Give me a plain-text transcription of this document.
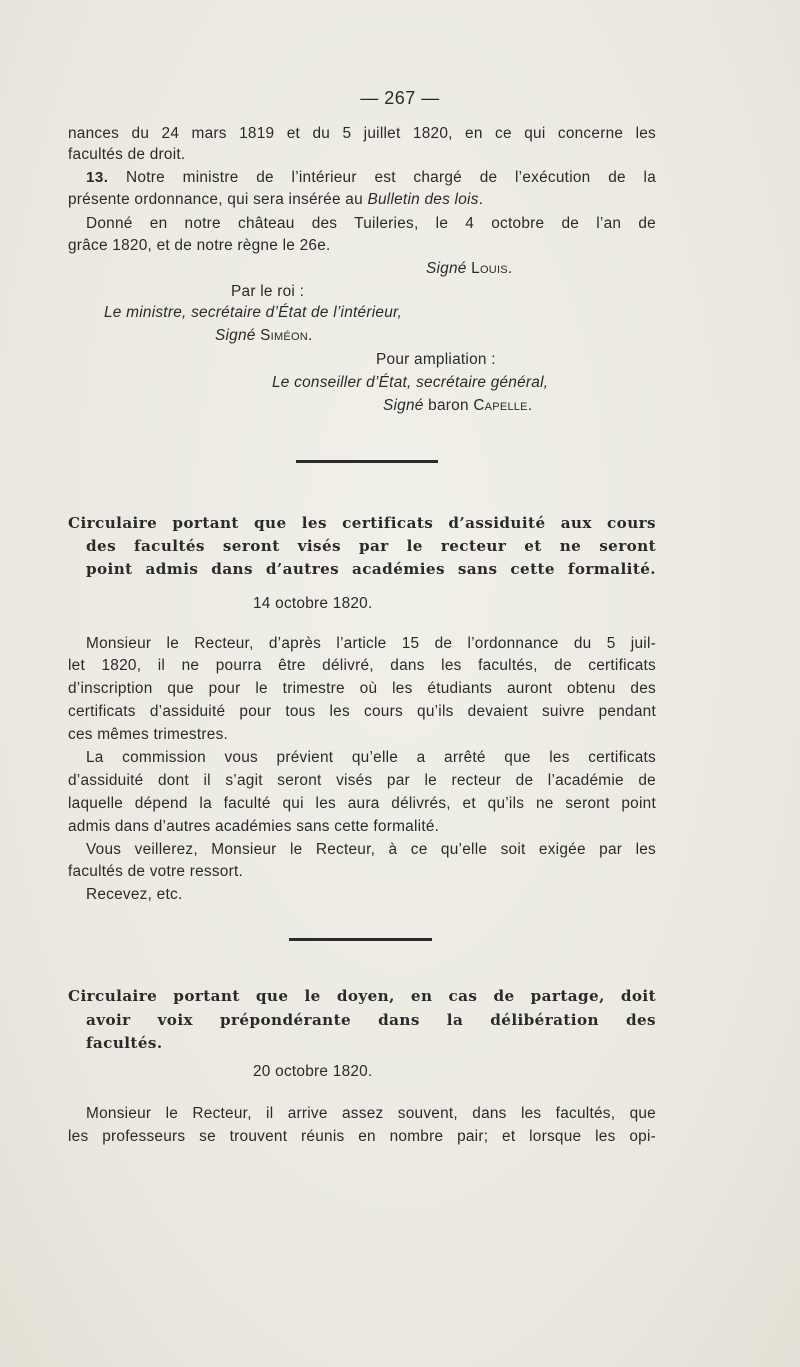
— 267 —
nances du 24 mars 1819 et du 5 juillet 1820, en ce qui concerne les
facultés de droit.
13. Notre ministre de l’intérieur est chargé de l’exécution de la
présente ordonnance, qui sera insérée au Bulletin des lois.
Donné en notre château des Tuileries, le 4 octobre de l’an de
grâce 1820, et de notre règne le 26e.
Signé Louis.
Par le roi :
Le ministre, secrétaire d’État de l’intérieur,
Signé Siméon.
Pour ampliation :
Le conseiller d’État, secrétaire général,
Signé baron Capelle.
Circulaire portant que les certificats d’assiduité aux cours
des facultés seront visés par le recteur et ne seront
point admis dans d’autres académies sans cette formalité.
14 octobre 1820.
Monsieur le Recteur, d’après l’article 15 de l’ordonnance du 5 juil-
let 1820, il ne pourra être délivré, dans les facultés, de certificats
d’inscription que pour le trimestre où les étudiants auront obtenu des
certificats d’assiduité pour tous les cours qu’ils devaient suivre pendant
ces mêmes trimestres.
La commission vous prévient qu’elle a arrêté que les certificats
d’assiduité dont il s’agit seront visés par le recteur de l’académie de
laquelle dépend la faculté qui les aura délivrés, et qu’ils ne seront point
admis dans d’autres académies sans cette formalité.
Vous veillerez, Monsieur le Recteur, à ce qu’elle soit exigée par les
facultés de votre ressort.
Recevez, etc.
Circulaire portant que le doyen, en cas de partage, doit
avoir voix prépondérante dans la délibération des
facultés.
20 octobre 1820.
Monsieur le Recteur, il arrive assez souvent, dans les facultés, que
les professeurs se trouvent réunis en nombre pair; et lorsque les opi-
